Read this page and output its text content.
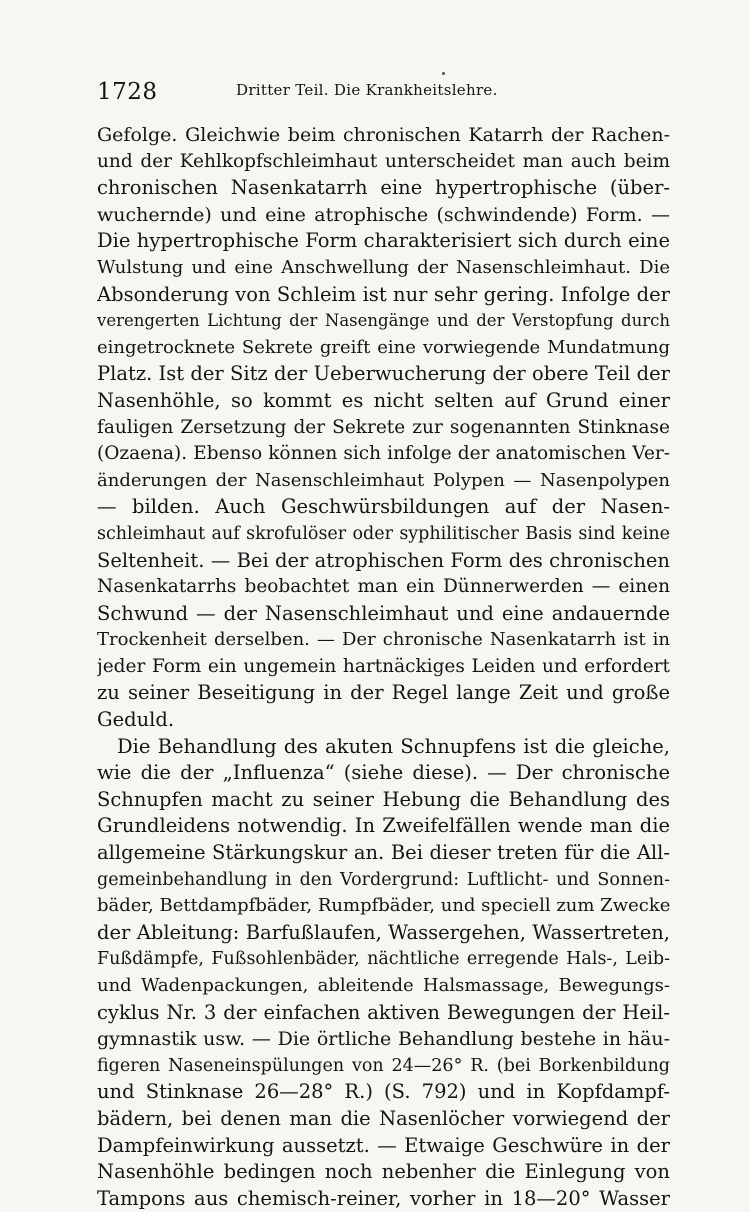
1728	Dritter Teil. Die Krankheitslehre.

Gefolge. Gleichwie beim chronischen Katarrh der Rachen-
und der Kehlkopfschleimhaut unterscheidet man auch beim
chronischen Nasenkatarrh eine hypertrophische (über-
wuchernde) und eine atrophische (schwindende) Form. —
Die hypertrophische Form charakterisiert sich durch eine
Wulstung und eine Anschwellung der Nasenschleimhaut. Die
Absonderung von Schleim ist nur sehr gering. Infolge der
verengerten Lichtung der Nasengänge und der Verstopfung durch
eingetrocknete Sekrete greift eine vorwiegende Mundatmung
Platz. Ist der Sitz der Ueberwucherung der obere Teil der
Nasenhöhle, so kommt es nicht selten auf Grund einer
fauligen Zersetzung der Sekrete zur sogenannten Stinknase
(Ozaena). Ebenso können sich infolge der anatomischen Ver-
änderungen der Nasenschleimhaut Polypen — Nasenpolypen
— bilden. Auch Geschwürsbildungen auf der Nasen-
schleimhaut auf skrofulöser oder syphilitischer Basis sind keine
Seltenheit. — Bei der atrophischen Form des chronischen
Nasenkatarrhs beobachtet man ein Dünnerwerden — einen
Schwund — der Nasenschleimhaut und eine andauernde
Trockenheit derselben. — Der chronische Nasenkatarrh ist in
jeder Form ein ungemein hartnäckiges Leiden und erfordert
zu seiner Beseitigung in der Regel lange Zeit und große
Geduld.

Die Behandlung des akuten Schnupfens ist die gleiche,
wie die der „Influenza“ (siehe diese). — Der chronische
Schnupfen macht zu seiner Hebung die Behandlung des
Grundleidens notwendig. In Zweifelfällen wende man die
allgemeine Stärkungskur an. Bei dieser treten für die All-
gemeinbehandlung in den Vordergrund: Luftlicht- und Sonnen-
bäder, Bettdampfbäder, Rumpfbäder, und speciell zum Zwecke
der Ableitung: Barfußlaufen, Wassergehen, Wassertreten,
Fußdämpfe, Fußsohlenbäder, nächtliche erregende Hals-, Leib-
und Wadenpackungen, ableitende Halsmassage, Bewegungs-
cyklus Nr. 3 der einfachen aktiven Bewegungen der Heil-
gymnastik usw. — Die örtliche Behandlung bestehe in häu-
figeren Naseneinspülungen von 24—26° R. (bei Borkenbildung
und Stinknase 26—28° R.) (S. 792) und in Kopfdampf-
bädern, bei denen man die Nasenlöcher vorwiegend der
Dampfeinwirkung aussetzt. — Etwaige Geschwüre in der
Nasenhöhle bedingen noch nebenher die Einlegung von
Tampons aus chemisch-reiner, vorher in 18—20° Wasser
